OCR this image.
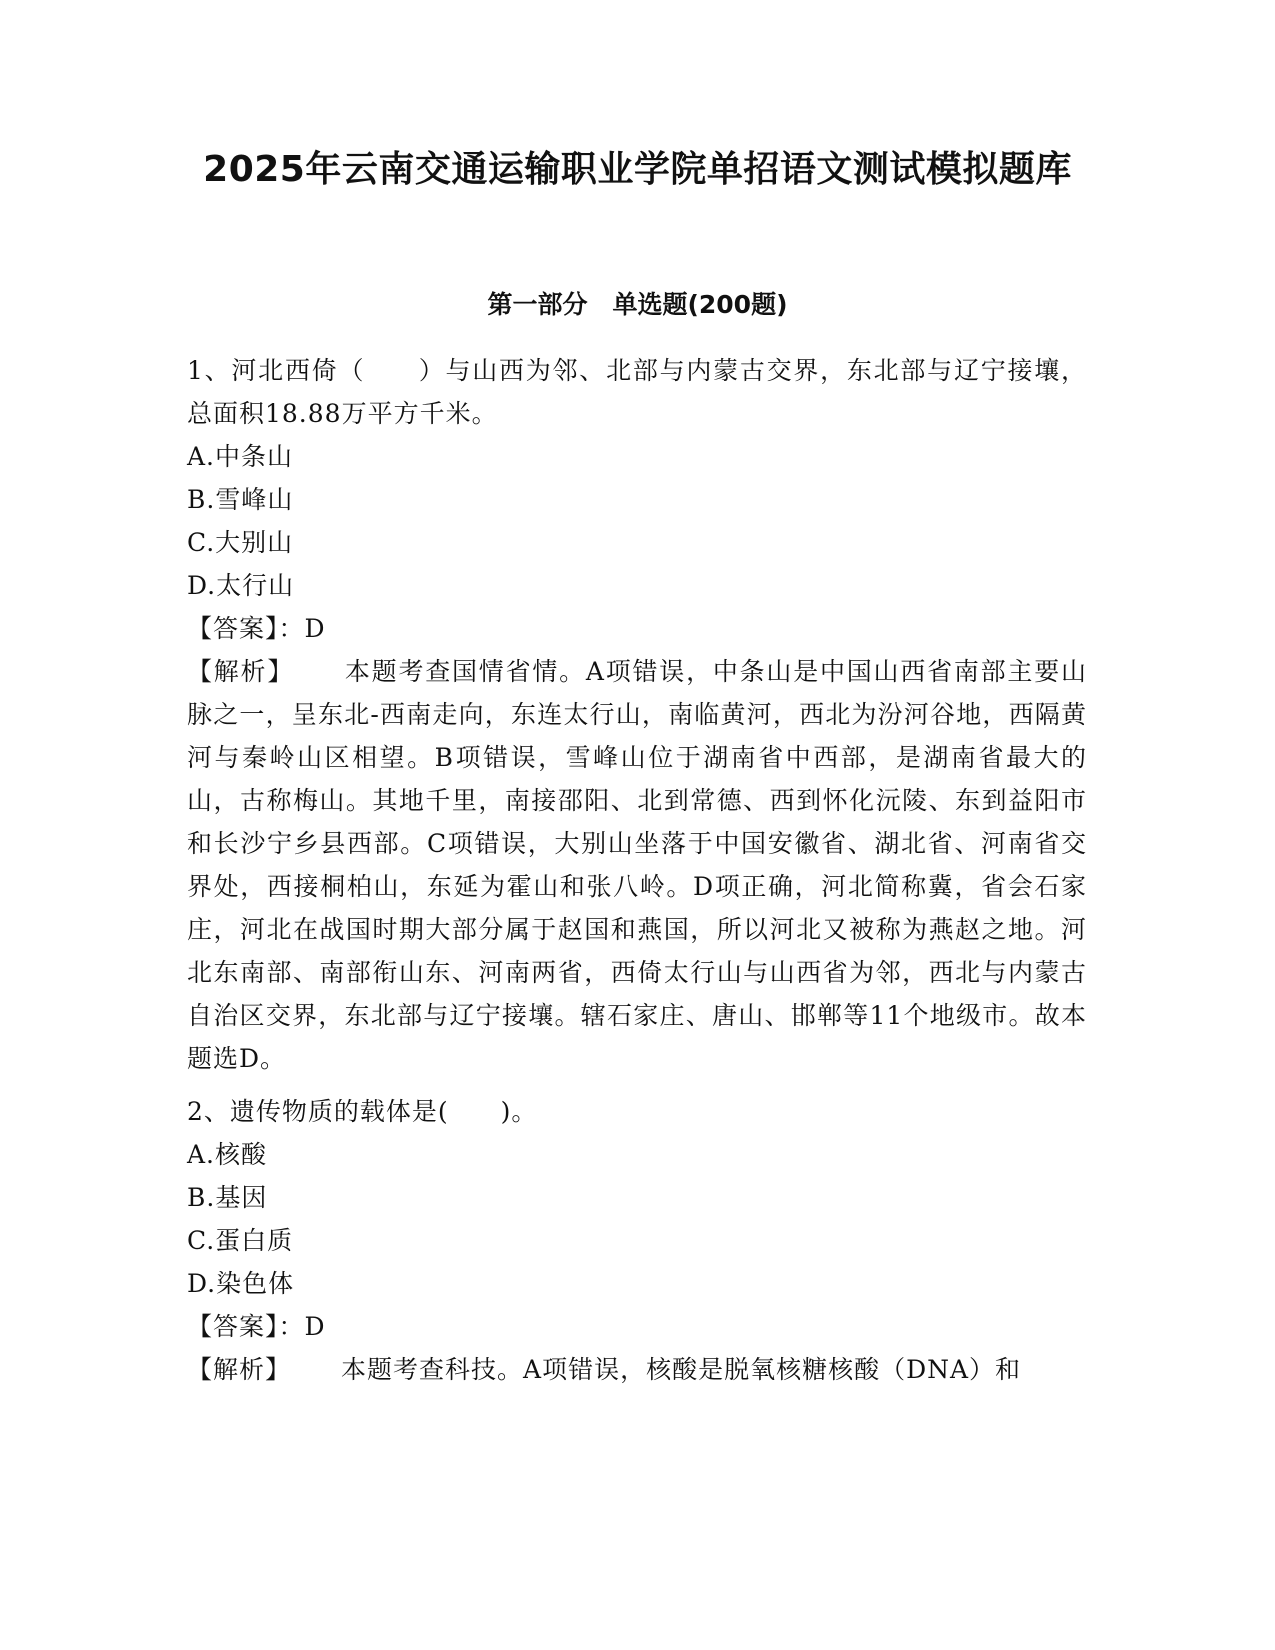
2025年云南交通运输职业学院单招语文测试模拟题库
第一部分　单选题(200题)

1、河北西倚（　　）与山西为邻、北部与内蒙古交界，东北部与辽宁接壤，总面积18.88万平方千米。

A.中条山

B.雪峰山

C.大别山

D.太行山

【答案】：D

【解析】 本题考查国情省情。A项错误，中条山是中国山西省南部主要山脉之一，呈东北-西南走向，东连太行山，南临黄河，西北为汾河谷地，西隔黄河与秦岭山区相望。B项错误，雪峰山位于湖南省中西部，是湖南省最大的山，古称梅山。其地千里，南接邵阳、北到常德、西到怀化沅陵、东到益阳市和长沙宁乡县西部。C项错误，大别山坐落于中国安徽省、湖北省、河南省交界处，西接桐柏山，东延为霍山和张八岭。D项正确，河北简称冀，省会石家庄，河北在战国时期大部分属于赵国和燕国，所以河北又被称为燕赵之地。河北东南部、南部衔山东、河南两省，西倚太行山与山西省为邻，西北与内蒙古自治区交界，东北部与辽宁接壤。辖石家庄、唐山、邯郸等11个地级市。故本题选D。

2、遗传物质的载体是(　　)。

A.核酸

B.基因

C.蛋白质

D.染色体

【答案】：D

【解析】 本题考查科技。A项错误，核酸是脱氧核糖核酸（DNA）和
